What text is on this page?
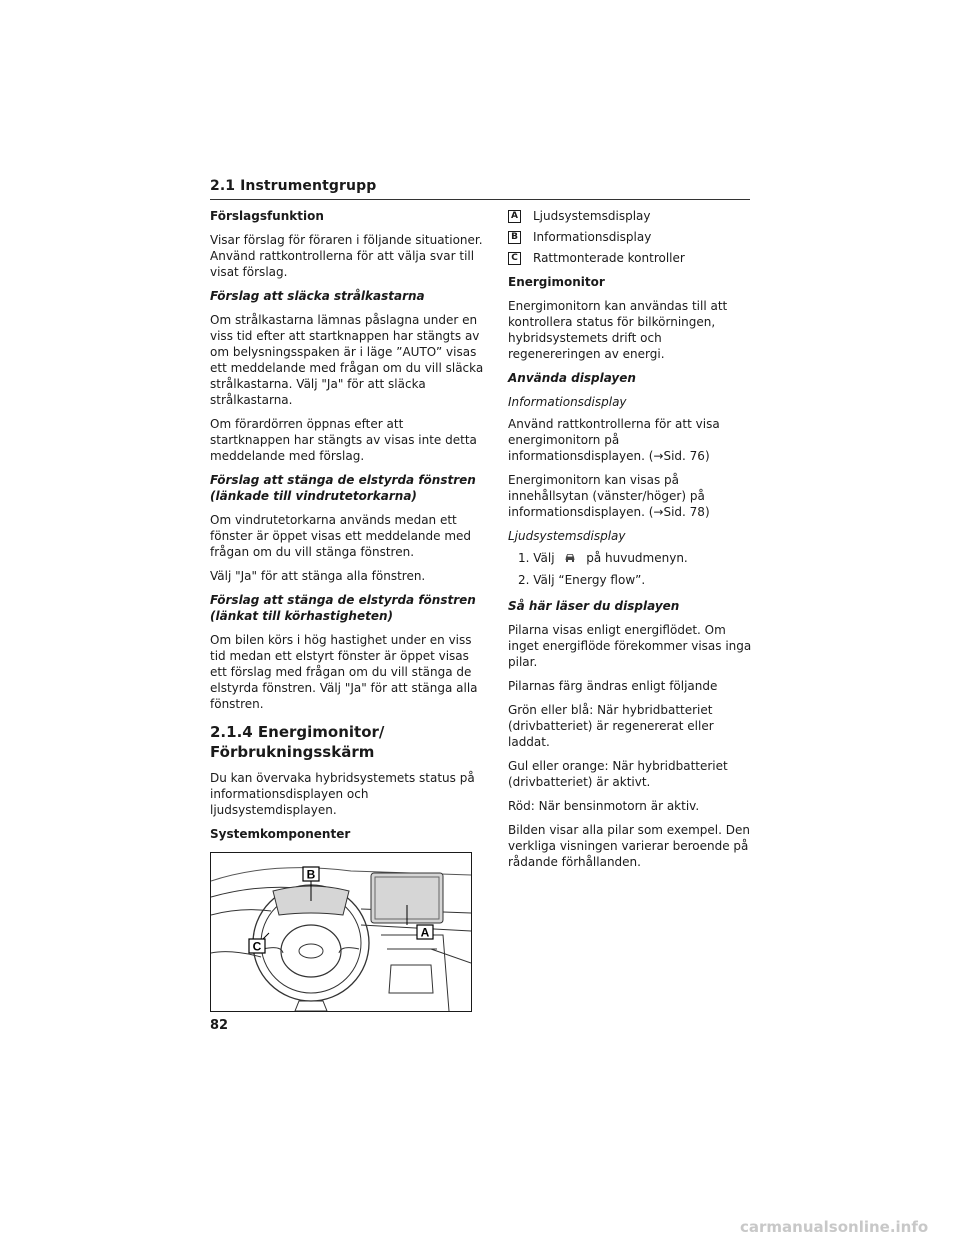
2.1 Instrumentgrupp
Förslagsfunktion
Visar förslag för föraren i följande situationer. Använd rattkontrollerna för att välja svar till visat förslag.
Förslag att släcka strålkastarna
Om strålkastarna lämnas påslagna under en viss tid efter att startknappen har stängts av om belysningsspaken är i läge ”AUTO” visas ett meddelande med frågan om du vill släcka strålkastarna. Välj "Ja" för att släcka strålkastarna.
Om förardörren öppnas efter att startknappen har stängts av visas inte detta meddelande med förslag.
Förslag att stänga de elstyrda fönstren (länkade till vindrutetorkarna)
Om vindrutetorkarna används medan ett fönster är öppet visas ett meddelande med frågan om du vill stänga fönstren.
Välj "Ja" för att stänga alla fönstren.
Förslag att stänga de elstyrda fönstren (länkat till körhastigheten)
Om bilen körs i hög hastighet under en viss tid medan ett elstyrt fönster är öppet visas ett förslag med frågan om du vill stänga de elstyrda fönstren. Välj "Ja" för att stänga alla fönstren.
2.1.4 Energimonitor/ Förbrukningsskärm
Du kan övervaka hybridsystemets status på informationsdisplayen och ljudsystemdisplayen.
Systemkomponenter
B
A
C
A Ljudsystemsdisplay
B Informationsdisplay
C Rattmonterade kontroller
Energimonitor
Energimonitorn kan användas till att kontrollera status för bilkörningen, hybridsystemets drift och regenereringen av energi.
Använda displayen
Informationsdisplay
Använd rattkontrollerna för att visa energimonitorn på informationsdisplayen. (→Sid. 76)
Energimonitorn kan visas på innehållsytan (vänster/höger) på informationsdisplayen. (→Sid. 78)
Ljudsystemsdisplay
1. Välj	på huvudmenyn.
2. Välj “Energy flow”.
Så här läser du displayen
Pilarna visas enligt energiflödet. Om inget energiflöde förekommer visas inga pilar.
Pilarnas färg ändras enligt följande
Grön eller blå: När hybridbatteriet (drivbatteriet) är regenererat eller laddat.
Gul eller orange: När hybridbatteriet (drivbatteriet) är aktivt.
Röd: När bensinmotorn är aktiv.
Bilden visar alla pilar som exempel. Den verkliga visningen varierar beroende på rådande förhållanden.
82
carmanualsonline.info
